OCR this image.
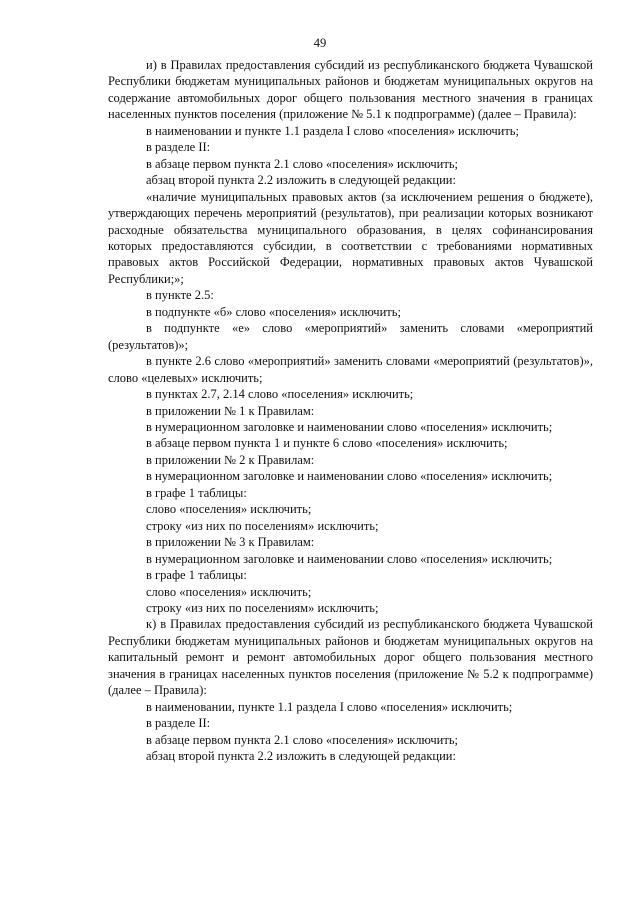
49

и) в Правилах предоставления субсидий из республиканского бюджета Чувашской Республики бюджетам муниципальных районов и бюджетам муниципальных округов на содержание автомобильных дорог общего пользования местного значения в границах населенных пунктов поселения (приложение № 5.1 к подпрограмме) (далее – Правила):

в наименовании и пункте 1.1 раздела I слово «поселения» исключить;

в разделе II:

в абзаце первом пункта 2.1 слово «поселения» исключить;

абзац второй пункта 2.2 изложить в следующей редакции:

«наличие муниципальных правовых актов (за исключением решения о бюджете), утверждающих перечень мероприятий (результатов), при реализации которых возникают расходные обязательства муниципального образования, в целях софинансирования которых предоставляются субсидии, в соответствии с требованиями нормативных правовых актов Российской Федерации, нормативных правовых актов Чувашской Республики;»;

в пункте 2.5:

в подпункте «б» слово «поселения» исключить;

в подпункте «е» слово «мероприятий» заменить словами «мероприятий (результатов)»;

в пункте 2.6 слово «мероприятий» заменить словами «мероприятий (результатов)», слово «целевых» исключить;

в пунктах 2.7, 2.14 слово «поселения» исключить;

в приложении № 1 к Правилам:

в нумерационном заголовке и наименовании слово «поселения» исключить;

в абзаце первом пункта 1 и пункте 6 слово «поселения» исключить;

в приложении № 2 к Правилам:

в нумерационном заголовке и наименовании слово «поселения» исключить;

в графе 1 таблицы:

слово «поселения» исключить;

строку «из них по поселениям» исключить;

в приложении № 3 к Правилам:

в нумерационном заголовке и наименовании слово «поселения» исключить;

в графе 1 таблицы:

слово «поселения» исключить;

строку «из них по поселениям» исключить;

к) в Правилах предоставления субсидий из республиканского бюджета Чувашской Республики бюджетам муниципальных районов и бюджетам муниципальных округов на капитальный ремонт и ремонт автомобильных дорог общего пользования местного значения в границах населенных пунктов поселения (приложение № 5.2 к подпрограмме) (далее – Правила):

в наименовании, пункте 1.1 раздела I слово «поселения» исключить;

в разделе II:

в абзаце первом пункта 2.1 слово «поселения» исключить;

абзац второй пункта 2.2 изложить в следующей редакции:
